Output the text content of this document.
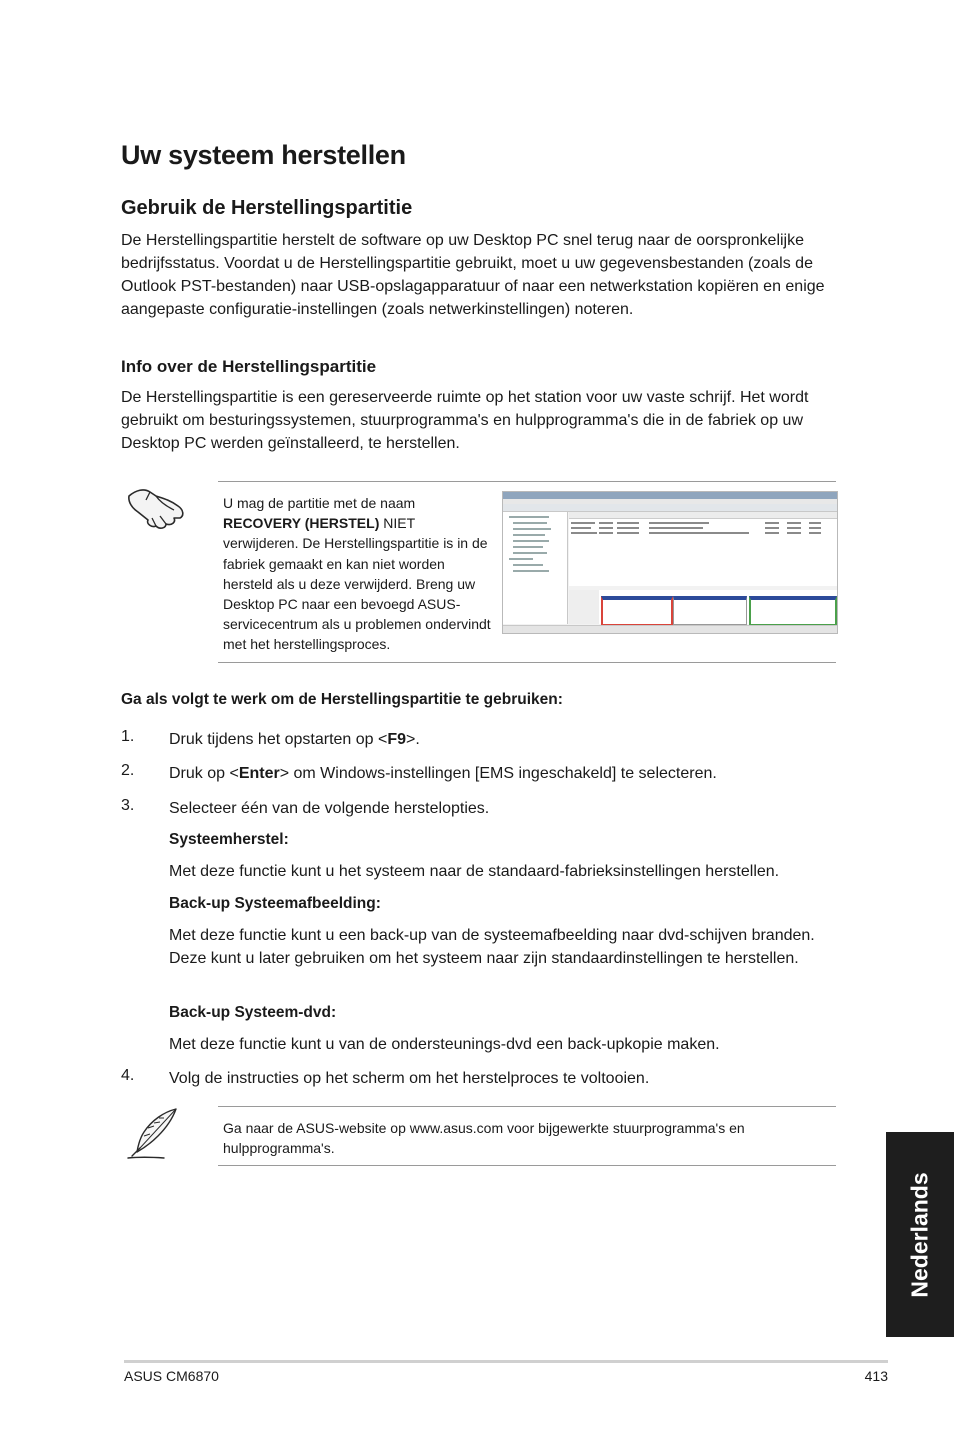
Uw systeem herstellen
Gebruik de Herstellingspartitie

De Herstellingspartitie herstelt de software op uw Desktop PC snel terug naar de oorspronkelijke bedrijfsstatus. Voordat u de Herstellingspartitie gebruikt, moet u uw gegevensbestanden (zoals de Outlook PST-bestanden) naar USB-opslagapparatuur of naar een netwerkstation kopiëren en enige aangepaste configuratie-instellingen (zoals netwerkinstellingen) noteren.

Info over de Herstellingspartitie

De Herstellingspartitie is een gereserveerde ruimte op het station voor uw vaste schrijf. Het wordt gebruikt om besturingssystemen, stuurprogramma's en hulpprogramma's die in de fabriek op uw Desktop PC werden geïnstalleerd, te herstellen.

U mag de partitie met de naam RECOVERY (HERSTEL) NIET verwijderen. De Herstellingspartitie is in de fabriek gemaakt en kan niet worden hersteld als u deze verwijderd. Breng uw Desktop PC naar een bevoegd ASUS-servicecentrum als u problemen ondervindt met het herstellingsproces.

Ga als volgt te werk om de Herstellingspartitie te gebruiken:

1. Druk tijdens het opstarten op <F9>.
2. Druk op <Enter> om Windows-instellingen [EMS ingeschakeld] te selecteren.
3. Selecteer één van de volgende herstelopties.
Systeemherstel:
Met deze functie kunt u het systeem naar de standaard-fabrieksinstellingen herstellen.
Back-up Systeemafbeelding:
Met deze functie kunt u een back-up van de systeemafbeelding naar dvd-schijven branden. Deze kunt u later gebruiken om het systeem naar zijn standaardinstellingen te herstellen.
Back-up Systeem-dvd:
Met deze functie kunt u van de ondersteunings-dvd een back-upkopie maken.
4. Volg de instructies op het scherm om het herstelproces te voltooien.
Ga naar de ASUS-website op www.asus.com voor bijgewerkte stuurprogramma's en hulpprogramma's.
Nederlands
ASUS CM6870	413
